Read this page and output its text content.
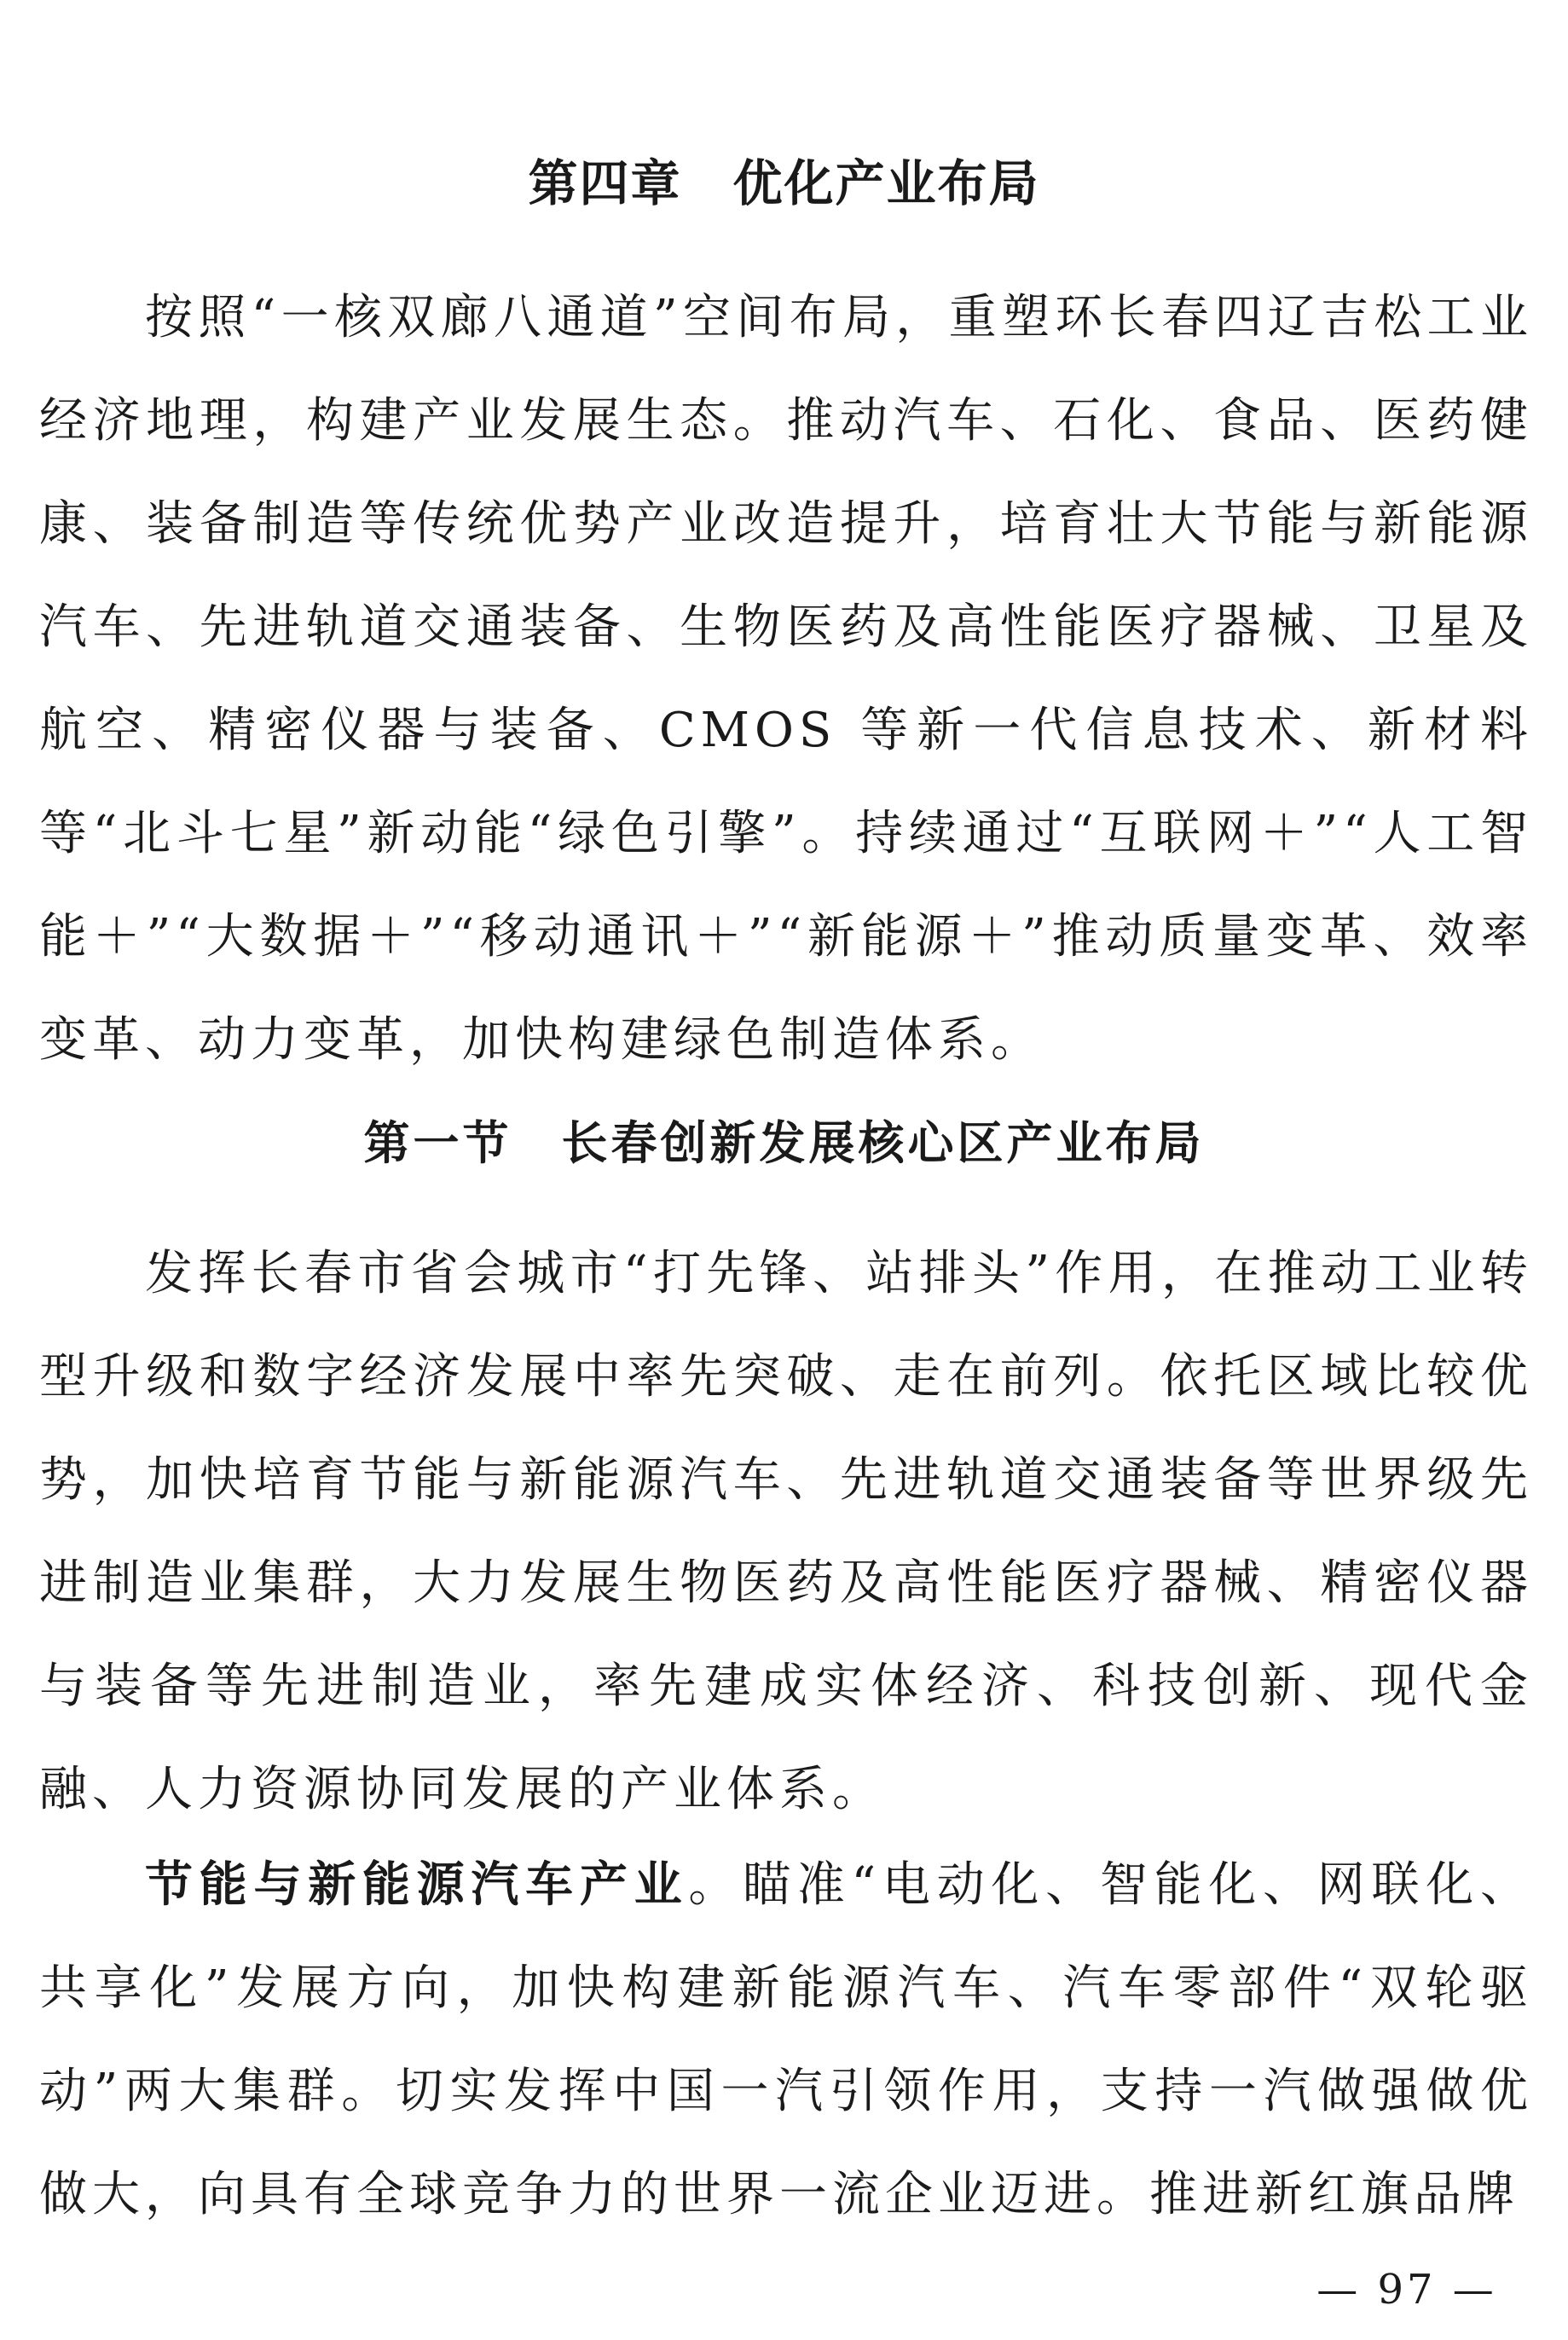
第四章　优化产业布局

按照“一核双廊八通道”空间布局，重塑环长春四辽吉松工业经济地理，构建产业发展生态。推动汽车、石化、食品、医药健康、装备制造等传统优势产业改造提升，培育壮大节能与新能源汽车、先进轨道交通装备、生物医药及高性能医疗器械、卫星及航空、精密仪器与装备、CMOS 等新一代信息技术、新材料等“北斗七星”新动能“绿色引擎”。持续通过“互联网＋”“人工智能＋”“大数据＋”“移动通讯＋”“新能源＋”推动质量变革、效率变革、动力变革，加快构建绿色制造体系。

第一节　长春创新发展核心区产业布局

发挥长春市省会城市“打先锋、站排头”作用，在推动工业转型升级和数字经济发展中率先突破、走在前列。依托区域比较优势，加快培育节能与新能源汽车、先进轨道交通装备等世界级先进制造业集群，大力发展生物医药及高性能医疗器械、精密仪器与装备等先进制造业，率先建成实体经济、科技创新、现代金融、人力资源协同发展的产业体系。

节能与新能源汽车产业。瞄准“电动化、智能化、网联化、共享化”发展方向，加快构建新能源汽车、汽车零部件“双轮驱动”两大集群。切实发挥中国一汽引领作用，支持一汽做强做优做大，向具有全球竞争力的世界一流企业迈进。推进新红旗品牌

— 97 —
